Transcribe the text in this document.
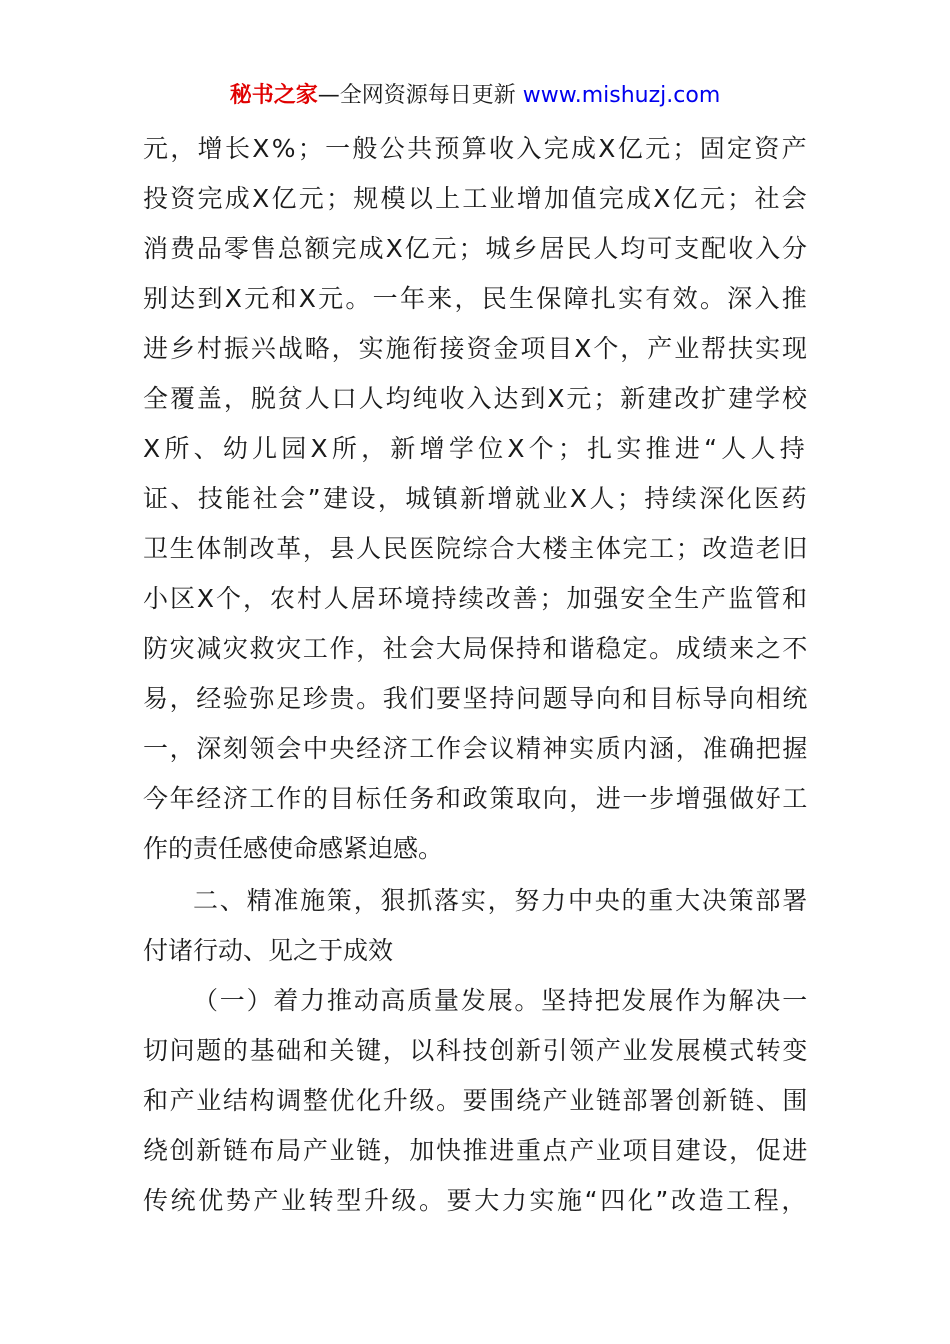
秘书之家—全网资源每日更新 www.mishuzj.com
元，增长X%；一般公共预算收入完成X亿元；固定资产
投资完成X亿元；规模以上工业增加值完成X亿元；社会
消费品零售总额完成X亿元；城乡居民人均可支配收入分
别达到X元和X元。一年来，民生保障扎实有效。深入推
进乡村振兴战略，实施衔接资金项目X个，产业帮扶实现
全覆盖，脱贫人口人均纯收入达到X元；新建改扩建学校
X所、幼儿园X所，新增学位X个；扎实推进“人人持
证、技能社会”建设，城镇新增就业X人；持续深化医药
卫生体制改革，县人民医院综合大楼主体完工；改造老旧
小区X个，农村人居环境持续改善；加强安全生产监管和
防灾减灾救灾工作，社会大局保持和谐稳定。成绩来之不
易，经验弥足珍贵。我们要坚持问题导向和目标导向相统
一，深刻领会中央经济工作会议精神实质内涵，准确把握
今年经济工作的目标任务和政策取向，进一步增强做好工
作的责任感使命感紧迫感。
二、精准施策，狠抓落实，努力中央的重大决策部署
付诸行动、见之于成效
（一）着力推动高质量发展。坚持把发展作为解决一
切问题的基础和关键，以科技创新引领产业发展模式转变
和产业结构调整优化升级。要围绕产业链部署创新链、围
绕创新链布局产业链，加快推进重点产业项目建设，促进
传统优势产业转型升级。要大力实施“四化”改造工程，
